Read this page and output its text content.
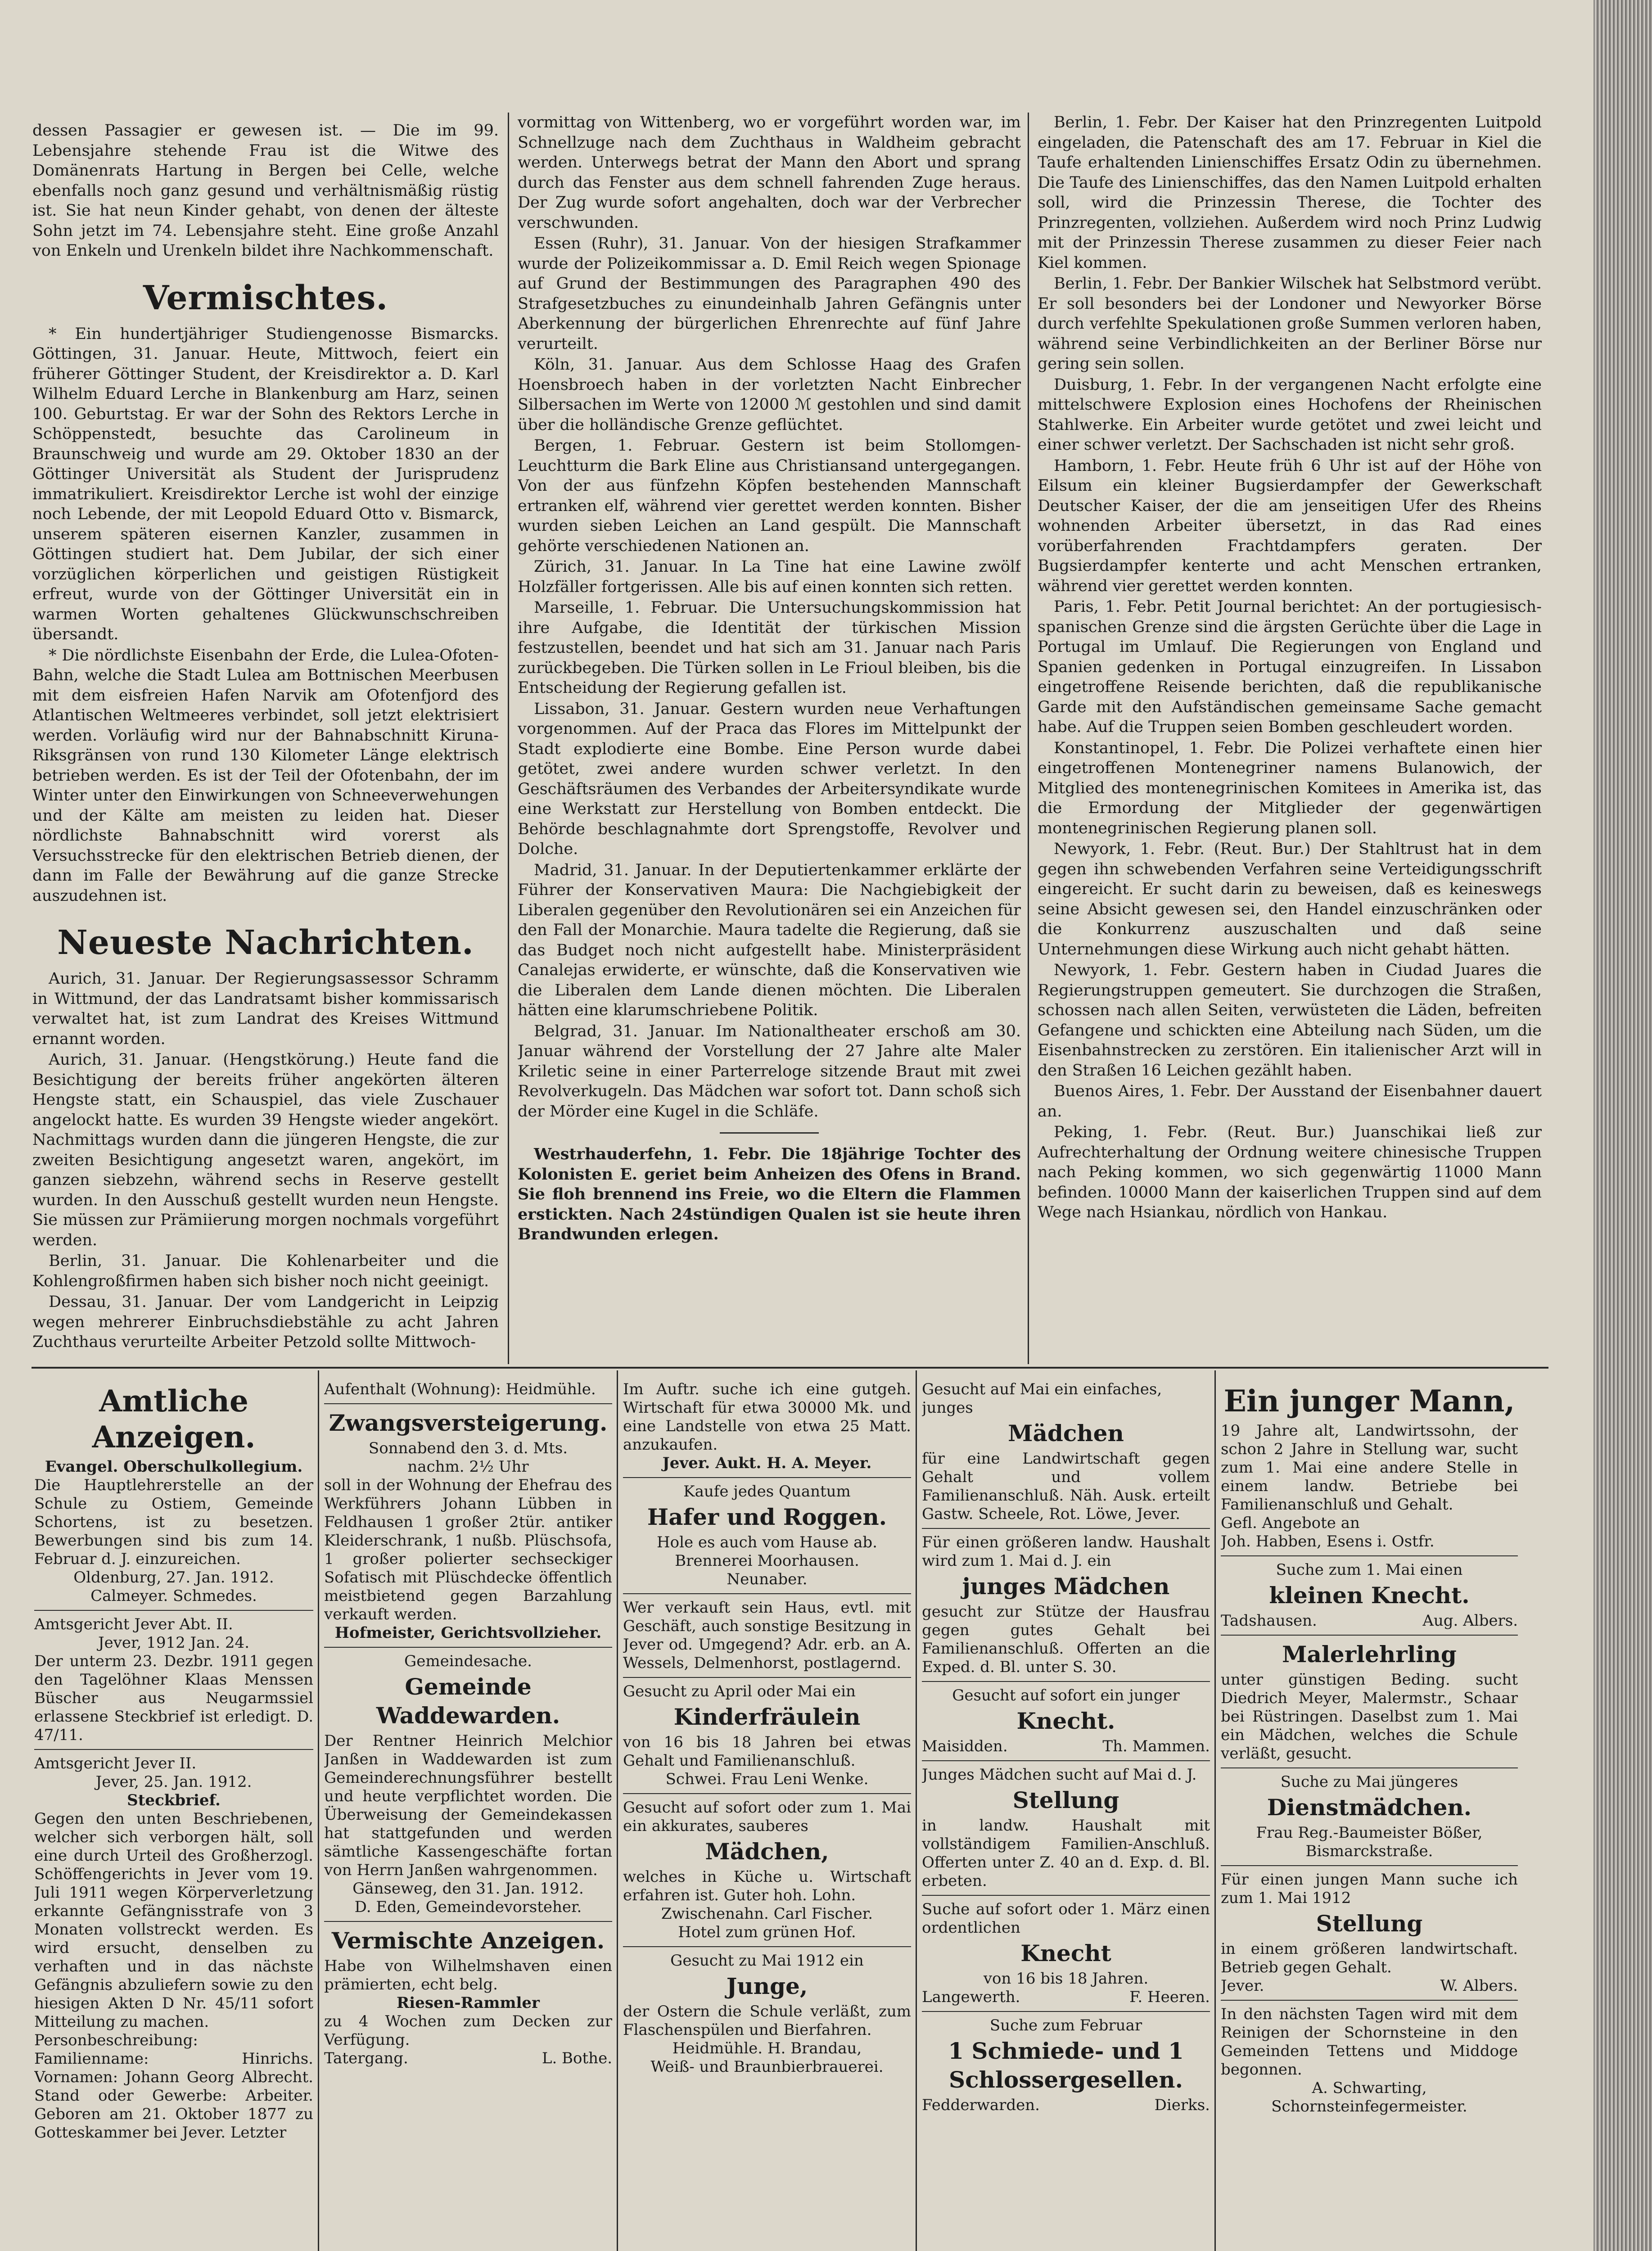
dessen Passagier er gewesen ist. — Die im 99. Lebensjahre stehende Frau ist die Witwe des Domänenrats Hartung in Bergen bei Celle, welche ebenfalls noch ganz gesund und verhältnismäßig rüstig ist. Sie hat neun Kinder gehabt, von denen der älteste Sohn jetzt im 74. Lebensjahre steht. Eine große Anzahl von Enkeln und Urenkeln bildet ihre Nachkommenschaft.

Vermischtes.

* Ein hundertjähriger Studiengenosse Bismarcks. Göttingen, 31. Januar. Heute, Mittwoch, feiert ein früherer Göttinger Student, der Kreisdirektor a. D. Karl Wilhelm Eduard Lerche in Blankenburg am Harz, seinen 100. Geburtstag. Er war der Sohn des Rektors Lerche in Schöppenstedt, besuchte das Carolineum in Braunschweig und wurde am 29. Oktober 1830 an der Göttinger Universität als Student der Jurisprudenz immatrikuliert. Kreisdirektor Lerche ist wohl der einzige noch Lebende, der mit Leopold Eduard Otto v. Bismarck, unserem späteren eisernen Kanzler, zusammen in Göttingen studiert hat. Dem Jubilar, der sich einer vorzüglichen körperlichen und geistigen Rüstigkeit erfreut, wurde von der Göttinger Universität ein in warmen Worten gehaltenes Glückwunschschreiben übersandt.

* Die nördlichste Eisenbahn der Erde, die Lulea-Ofoten-Bahn, welche die Stadt Lulea am Bottnischen Meerbusen mit dem eisfreien Hafen Narvik am Ofotenfjord des Atlantischen Weltmeeres verbindet, soll jetzt elektrisiert werden. Vorläufig wird nur der Bahnabschnitt Kiruna-Riksgränsen von rund 130 Kilometer Länge elektrisch betrieben werden. Es ist der Teil der Ofotenbahn, der im Winter unter den Einwirkungen von Schneeverwehungen und der Kälte am meisten zu leiden hat. Dieser nördlichste Bahnabschnitt wird vorerst als Versuchsstrecke für den elektrischen Betrieb dienen, der dann im Falle der Bewährung auf die ganze Strecke auszudehnen ist.

Neueste Nachrichten.

Aurich, 31. Januar. Der Regierungsassessor Schramm in Wittmund, der das Landratsamt bisher kommissarisch verwaltet hat, ist zum Landrat des Kreises Wittmund ernannt worden.

Aurich, 31. Januar. (Hengstkörung.) Heute fand die Besichtigung der bereits früher angekörten älteren Hengste statt, ein Schauspiel, das viele Zuschauer angelockt hatte. Es wurden 39 Hengste wieder angekört. Nachmittags wurden dann die jüngeren Hengste, die zur zweiten Besichtigung angesetzt waren, angekört, im ganzen siebzehn, während sechs in Reserve gestellt wurden. In den Ausschuß gestellt wurden neun Hengste. Sie müssen zur Prämiierung morgen nochmals vorgeführt werden.

Berlin, 31. Januar. Die Kohlenarbeiter und die Kohlengroßfirmen haben sich bisher noch nicht geeinigt.

Dessau, 31. Januar. Der vom Landgericht in Leipzig wegen mehrerer Einbruchsdiebstähle zu acht Jahren Zuchthaus verurteilte Arbeiter Petzold sollte Mittwoch-

vormittag von Wittenberg, wo er vorgeführt worden war, im Schnellzuge nach dem Zuchthaus in Waldheim gebracht werden. Unterwegs betrat der Mann den Abort und sprang durch das Fenster aus dem schnell fahrenden Zuge heraus. Der Zug wurde sofort angehalten, doch war der Verbrecher verschwunden.

Essen (Ruhr), 31. Januar. Von der hiesigen Strafkammer wurde der Polizeikommissar a. D. Emil Reich wegen Spionage auf Grund der Bestimmungen des Paragraphen 490 des Strafgesetzbuches zu einundeinhalb Jahren Gefängnis unter Aberkennung der bürgerlichen Ehrenrechte auf fünf Jahre verurteilt.

Köln, 31. Januar. Aus dem Schlosse Haag des Grafen Hoensbroech haben in der vorletzten Nacht Einbrecher Silbersachen im Werte von 12000 ℳ gestohlen und sind damit über die holländische Grenze geflüchtet.

Bergen, 1. Februar. Gestern ist beim Stollomgen-Leuchtturm die Bark Eline aus Christiansand untergegangen. Von der aus fünfzehn Köpfen bestehenden Mannschaft ertranken elf, während vier gerettet werden konnten. Bisher wurden sieben Leichen an Land gespült. Die Mannschaft gehörte verschiedenen Nationen an.

Zürich, 31. Januar. In La Tine hat eine Lawine zwölf Holzfäller fortgerissen. Alle bis auf einen konnten sich retten.

Marseille, 1. Februar. Die Untersuchungskommission hat ihre Aufgabe, die Identität der türkischen Mission festzustellen, beendet und hat sich am 31. Januar nach Paris zurückbegeben. Die Türken sollen in Le Frioul bleiben, bis die Entscheidung der Regierung gefallen ist.

Lissabon, 31. Januar. Gestern wurden neue Verhaftungen vorgenommen. Auf der Praca das Flores im Mittelpunkt der Stadt explodierte eine Bombe. Eine Person wurde dabei getötet, zwei andere wurden schwer verletzt. In den Geschäftsräumen des Verbandes der Arbeitersyndikate wurde eine Werkstatt zur Herstellung von Bomben entdeckt. Die Behörde beschlagnahmte dort Sprengstoffe, Revolver und Dolche.

Madrid, 31. Januar. In der Deputiertenkammer erklärte der Führer der Konservativen Maura: Die Nachgiebigkeit der Liberalen gegenüber den Revolutionären sei ein Anzeichen für den Fall der Monarchie. Maura tadelte die Regierung, daß sie das Budget noch nicht aufgestellt habe. Ministerpräsident Canalejas erwiderte, er wünschte, daß die Konservativen wie die Liberalen dem Lande dienen möchten. Die Liberalen hätten eine klarumschriebene Politik.

Belgrad, 31. Januar. Im Nationaltheater erschoß am 30. Januar während der Vorstellung der 27 Jahre alte Maler Kriletic seine in einer Parterreloge sitzende Braut mit zwei Revolverkugeln. Das Mädchen war sofort tot. Dann schoß sich der Mörder eine Kugel in die Schläfe.

Westrhauderfehn, 1. Febr. Die 18jährige Tochter des Kolonisten E. geriet beim Anheizen des Ofens in Brand. Sie floh brennend ins Freie, wo die Eltern die Flammen erstickten. Nach 24stündigen Qualen ist sie heute ihren Brandwunden erlegen.

Berlin, 1. Febr. Der Kaiser hat den Prinzregenten Luitpold eingeladen, die Patenschaft des am 17. Februar in Kiel die Taufe erhaltenden Linienschiffes Ersatz Odin zu übernehmen. Die Taufe des Linienschiffes, das den Namen Luitpold erhalten soll, wird die Prinzessin Therese, die Tochter des Prinzregenten, vollziehen. Außerdem wird noch Prinz Ludwig mit der Prinzessin Therese zusammen zu dieser Feier nach Kiel kommen.

Berlin, 1. Febr. Der Bankier Wilschek hat Selbstmord verübt. Er soll besonders bei der Londoner und Newyorker Börse durch verfehlte Spekulationen große Summen verloren haben, während seine Verbindlichkeiten an der Berliner Börse nur gering sein sollen.

Duisburg, 1. Febr. In der vergangenen Nacht erfolgte eine mittelschwere Explosion eines Hochofens der Rheinischen Stahlwerke. Ein Arbeiter wurde getötet und zwei leicht und einer schwer verletzt. Der Sachschaden ist nicht sehr groß.

Hamborn, 1. Febr. Heute früh 6 Uhr ist auf der Höhe von Eilsum ein kleiner Bugsierdampfer der Gewerkschaft Deutscher Kaiser, der die am jenseitigen Ufer des Rheins wohnenden Arbeiter übersetzt, in das Rad eines vorüberfahrenden Frachtdampfers geraten. Der Bugsierdampfer kenterte und acht Menschen ertranken, während vier gerettet werden konnten.

Paris, 1. Febr. Petit Journal berichtet: An der portugiesisch-spanischen Grenze sind die ärgsten Gerüchte über die Lage in Portugal im Umlauf. Die Regierungen von England und Spanien gedenken in Portugal einzugreifen. In Lissabon eingetroffene Reisende berichten, daß die republikanische Garde mit den Aufständischen gemeinsame Sache gemacht habe. Auf die Truppen seien Bomben geschleudert worden.

Konstantinopel, 1. Febr. Die Polizei verhaftete einen hier eingetroffenen Montenegriner namens Bulanowich, der Mitglied des montenegrinischen Komitees in Amerika ist, das die Ermordung der Mitglieder der gegenwärtigen montenegrinischen Regierung planen soll.

Newyork, 1. Febr. (Reut. Bur.) Der Stahltrust hat in dem gegen ihn schwebenden Verfahren seine Verteidigungsschrift eingereicht. Er sucht darin zu beweisen, daß es keineswegs seine Absicht gewesen sei, den Handel einzuschränken oder die Konkurrenz auszuschalten und daß seine Unternehmungen diese Wirkung auch nicht gehabt hätten.

Newyork, 1. Febr. Gestern haben in Ciudad Juares die Regierungstruppen gemeutert. Sie durchzogen die Straßen, schossen nach allen Seiten, verwüsteten die Läden, befreiten Gefangene und schickten eine Abteilung nach Süden, um die Eisenbahnstrecken zu zerstören. Ein italienischer Arzt will in den Straßen 16 Leichen gezählt haben.

Buenos Aires, 1. Febr. Der Ausstand der Eisenbahner dauert an.

Peking, 1. Febr. (Reut. Bur.) Juanschikai ließ zur Aufrechterhaltung der Ordnung weitere chinesische Truppen nach Peking kommen, wo sich gegenwärtig 11000 Mann befinden. 10000 Mann der kaiserlichen Truppen sind auf dem Wege nach Hsiankau, nördlich von Hankau.

Amtliche Anzeigen.

Evangel. Oberschulkollegium.

Die Hauptlehrerstelle an der Schule zu Ostiem, Gemeinde Schortens, ist zu besetzen. Bewerbungen sind bis zum 14. Februar d. J. einzureichen.

Oldenburg, 27. Jan. 1912.

Calmeyer. Schmedes.

Amtsgericht Jever Abt. II.

Jever, 1912 Jan. 24.

Der unterm 23. Dezbr. 1911 gegen den Tagelöhner Klaas Menssen Büscher aus Neugarmssiel erlassene Steckbrief ist erledigt. D. 47/11.

Amtsgericht Jever II.

Jever, 25. Jan. 1912.

Steckbrief.

Gegen den unten Beschriebenen, welcher sich verborgen hält, soll eine durch Urteil des Großherzogl. Schöffengerichts in Jever vom 19. Juli 1911 wegen Körperverletzung erkannte Gefängnisstrafe von 3 Monaten vollstreckt werden. Es wird ersucht, denselben zu verhaften und in das nächste Gefängnis abzuliefern sowie zu den hiesigen Akten D Nr. 45/11 sofort Mitteilung zu machen.

Personbeschreibung: Familienname: Hinrichs. Vornamen: Johann Georg Albrecht. Stand oder Gewerbe: Arbeiter. Geboren am 21. Oktober 1877 zu Gotteskammer bei Jever. Letzter

Aufenthalt (Wohnung): Heidmühle.

Zwangsversteigerung.

Sonnabend den 3. d. Mts.

nachm. 2½ Uhr

soll in der Wohnung der Ehefrau des Werkführers Johann Lübben in Feldhausen 1 großer 2tür. antiker Kleiderschrank, 1 nußb. Plüschsofa, 1 großer polierter sechseckiger Sofatisch mit Plüschdecke öffentlich meistbietend gegen Barzahlung verkauft werden.

Hofmeister, Gerichtsvollzieher.

Gemeindesache.

Gemeinde Waddewarden.

Der Rentner Heinrich Melchior Janßen in Waddewarden ist zum Gemeinderechnungsführer bestellt und heute verpflichtet worden. Die Überweisung der Gemeindekassen hat stattgefunden und werden sämtliche Kassengeschäfte fortan von Herrn Janßen wahrgenommen.

Gänseweg, den 31. Jan. 1912.

D. Eden, Gemeindevorsteher.

Vermischte Anzeigen.

Habe von Wilhelmshaven einen prämierten, echt belg.

Riesen-Rammler

zu 4 Wochen zum Decken zur Verfügung.

Tatergang.	L. Bothe.

Im Auftr. suche ich eine gutgeh. Wirtschaft für etwa 30000 Mk. und eine Landstelle von etwa 25 Matt. anzukaufen.

Jever. Aukt. H. A. Meyer.

Kaufe jedes Quantum

Hafer und Roggen.

Hole es auch vom Hause ab.

Brennerei Moorhausen.

Neunaber.

Wer verkauft sein Haus, evtl. mit Geschäft, auch sonstige Besitzung in Jever od. Umgegend? Adr. erb. an A. Wessels, Delmenhorst, postlagernd.

Gesucht zu April oder Mai ein

Kinderfräulein

von 16 bis 18 Jahren bei etwas Gehalt und Familienanschluß.

Schwei. Frau Leni Wenke.

Gesucht auf sofort oder zum 1. Mai ein akkurates, sauberes

Mädchen,

welches in Küche u. Wirtschaft erfahren ist. Guter hoh. Lohn.

Zwischenahn. Carl Fischer.

Hotel zum grünen Hof.

Gesucht zu Mai 1912 ein

Junge,

der Ostern die Schule verläßt, zum Flaschenspülen und Bierfahren.

Heidmühle. H. Brandau,

Weiß- und Braunbierbrauerei.

Gesucht auf Mai ein einfaches, junges

Mädchen

für eine Landwirtschaft gegen Gehalt und vollem Familienanschluß. Näh. Ausk. erteilt Gastw. Scheele, Rot. Löwe, Jever.

Für einen größeren landw. Haushalt wird zum 1. Mai d. J. ein

junges Mädchen

gesucht zur Stütze der Hausfrau gegen gutes Gehalt bei Familienanschluß. Offerten an die Exped. d. Bl. unter S. 30.

Gesucht auf sofort ein junger

Knecht.

Maisidden.	Th. Mammen.

Junges Mädchen sucht auf Mai d. J.

Stellung

in landw. Haushalt mit vollständigem Familien-Anschluß. Offerten unter Z. 40 an d. Exp. d. Bl. erbeten.

Suche auf sofort oder 1. März einen ordentlichen

Knecht

von 16 bis 18 Jahren.

Langewerth.	F. Heeren.

Suche zum Februar

1 Schmiede- und 1 Schlossergesellen.

Fedderwarden.	Dierks.

Ein junger Mann,

19 Jahre alt, Landwirtssohn, der schon 2 Jahre in Stellung war, sucht zum 1. Mai eine andere Stelle in einem landw. Betriebe bei Familienanschluß und Gehalt.

Gefl. Angebote an

Joh. Habben, Esens i. Ostfr.

Suche zum 1. Mai einen

kleinen Knecht.

Tadshausen.	Aug. Albers.

Malerlehrling

unter günstigen Beding. sucht Diedrich Meyer, Malermstr., Schaar bei Rüstringen. Daselbst zum 1. Mai ein Mädchen, welches die Schule verläßt, gesucht.

Suche zu Mai jüngeres

Dienstmädchen.

Frau Reg.-Baumeister Bößer, Bismarckstraße.

Für einen jungen Mann suche ich zum 1. Mai 1912

Stellung

in einem größeren landwirtschaft. Betrieb gegen Gehalt.

Jever.	W. Albers.

In den nächsten Tagen wird mit dem Reinigen der Schornsteine in den Gemeinden Tettens und Middoge begonnen.

A. Schwarting,

Schornsteinfegermeister.
